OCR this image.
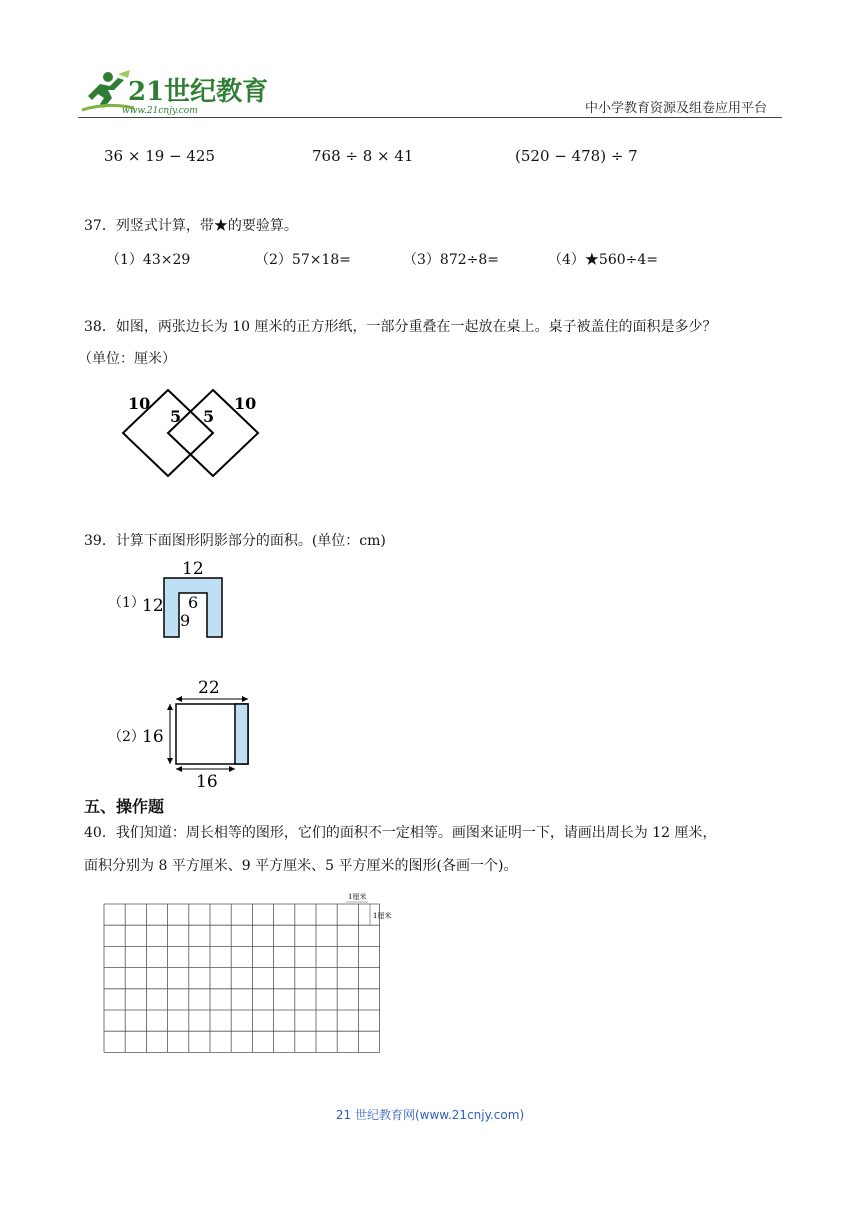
21世纪教育
www.21cnjy.com	中小学教育资源及组卷应用平台
36 × 19 − 425	768 ÷ 8 × 41	(520 − 478) ÷ 7
37．列竖式计算，带★的要验算。
（1）43×29	（2）57×18=	（3）872÷8=	（4）★560÷4=
38．如图，两张边长为 10 厘米的正方形纸，一部分重叠在一起放在桌上。桌子被盖住的面积是多少？
（单位：厘米）
10
5 5
10
39．计算下面图形阴影部分的面积。(单位：cm)
（1）
12
12 6
9
（2）
22
16
16
五、操作题
40．我们知道：周长相等的图形，它们的面积不一定相等。画图来证明一下，请画出周长为 12 厘米，
面积分别为 8 平方厘米、9 平方厘米、5 平方厘米的图形(各画一个)。
1厘米
1厘米
21 世纪教育网(www.21cnjy.com)
